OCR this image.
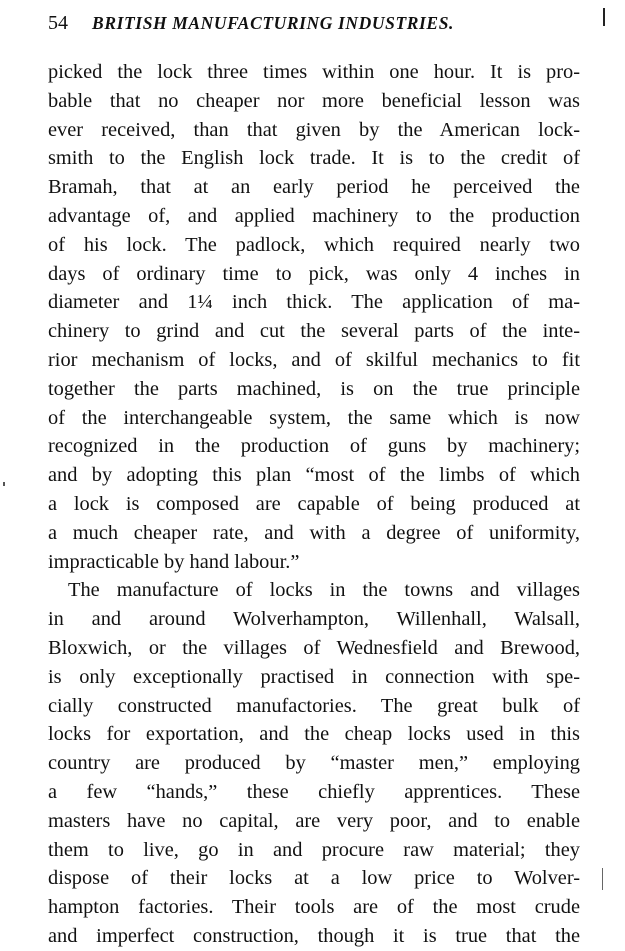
54 BRITISH MANUFACTURING INDUSTRIES.
picked the lock three times within one hour. It is pro-
bable that no cheaper nor more beneficial lesson was
ever received, than that given by the American lock-
smith to the English lock trade. It is to the credit of
Bramah, that at an early period he perceived the
advantage of, and applied machinery to the production
of his lock. The padlock, which required nearly two
days of ordinary time to pick, was only 4 inches in
diameter and 1¼ inch thick. The application of ma-
chinery to grind and cut the several parts of the inte-
rior mechanism of locks, and of skilful mechanics to fit
together the parts machined, is on the true principle
of the interchangeable system, the same which is now
recognized in the production of guns by machinery;
and by adopting this plan “most of the limbs of which
a lock is composed are capable of being produced at
a much cheaper rate, and with a degree of uniformity,
impracticable by hand labour.”
The manufacture of locks in the towns and villages
in and around Wolverhampton, Willenhall, Walsall,
Bloxwich, or the villages of Wednesfield and Brewood,
is only exceptionally practised in connection with spe-
cially constructed manufactories. The great bulk of
locks for exportation, and the cheap locks used in this
country are produced by “master men,” employing
a few “hands,” these chiefly apprentices. These
masters have no capital, are very poor, and to enable
them to live, go in and procure raw material; they
dispose of their locks at a low price to Wolver-
hampton factories. Their tools are of the most crude
and imperfect construction, though it is true that the
